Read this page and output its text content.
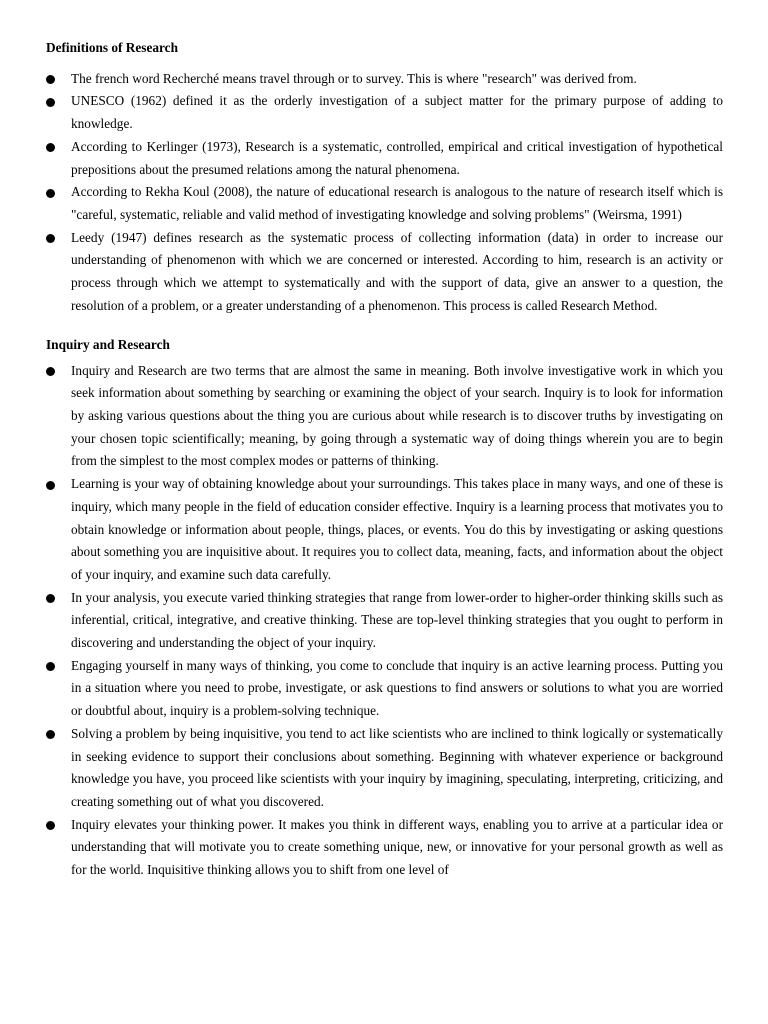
Definitions of Research

The french word Recherché means travel through or to survey. This is where "research" was derived from.
UNESCO (1962) defined it as the orderly investigation of a subject matter for the primary purpose of adding to knowledge.
According to Kerlinger (1973), Research is a systematic, controlled, empirical and critical investigation of hypothetical prepositions about the presumed relations among the natural phenomena.
According to Rekha Koul (2008), the nature of educational research is analogous to the nature of research itself which is "careful, systematic, reliable and valid method of investigating knowledge and solving problems" (Weirsma, 1991)
Leedy (1947) defines research as the systematic process of collecting information (data) in order to increase our understanding of phenomenon with which we are concerned or interested. According to him, research is an activity or process through which we attempt to systematically and with the support of data, give an answer to a question, the resolution of a problem, or a greater understanding of a phenomenon. This process is called Research Method.

Inquiry and Research

Inquiry and Research are two terms that are almost the same in meaning. Both involve investigative work in which you seek information about something by searching or examining the object of your search. Inquiry is to look for information by asking various questions about the thing you are curious about while research is to discover truths by investigating on your chosen topic scientifically; meaning, by going through a systematic way of doing things wherein you are to begin from the simplest to the most complex modes or patterns of thinking.
Learning is your way of obtaining knowledge about your surroundings. This takes place in many ways, and one of these is inquiry, which many people in the field of education consider effective. Inquiry is a learning process that motivates you to obtain knowledge or information about people, things, places, or events. You do this by investigating or asking questions about something you are inquisitive about. It requires you to collect data, meaning, facts, and information about the object of your inquiry, and examine such data carefully.
In your analysis, you execute varied thinking strategies that range from lower-order to higher-order thinking skills such as inferential, critical, integrative, and creative thinking. These are top-level thinking strategies that you ought to perform in discovering and understanding the object of your inquiry.
Engaging yourself in many ways of thinking, you come to conclude that inquiry is an active learning process. Putting you in a situation where you need to probe, investigate, or ask questions to find answers or solutions to what you are worried or doubtful about, inquiry is a problem-solving technique.
Solving a problem by being inquisitive, you tend to act like scientists who are inclined to think logically or systematically in seeking evidence to support their conclusions about something. Beginning with whatever experience or background knowledge you have, you proceed like scientists with your inquiry by imagining, speculating, interpreting, criticizing, and creating something out of what you discovered.
Inquiry elevates your thinking power. It makes you think in different ways, enabling you to arrive at a particular idea or understanding that will motivate you to create something unique, new, or innovative for your personal growth as well as for the world. Inquisitive thinking allows you to shift from one level of
